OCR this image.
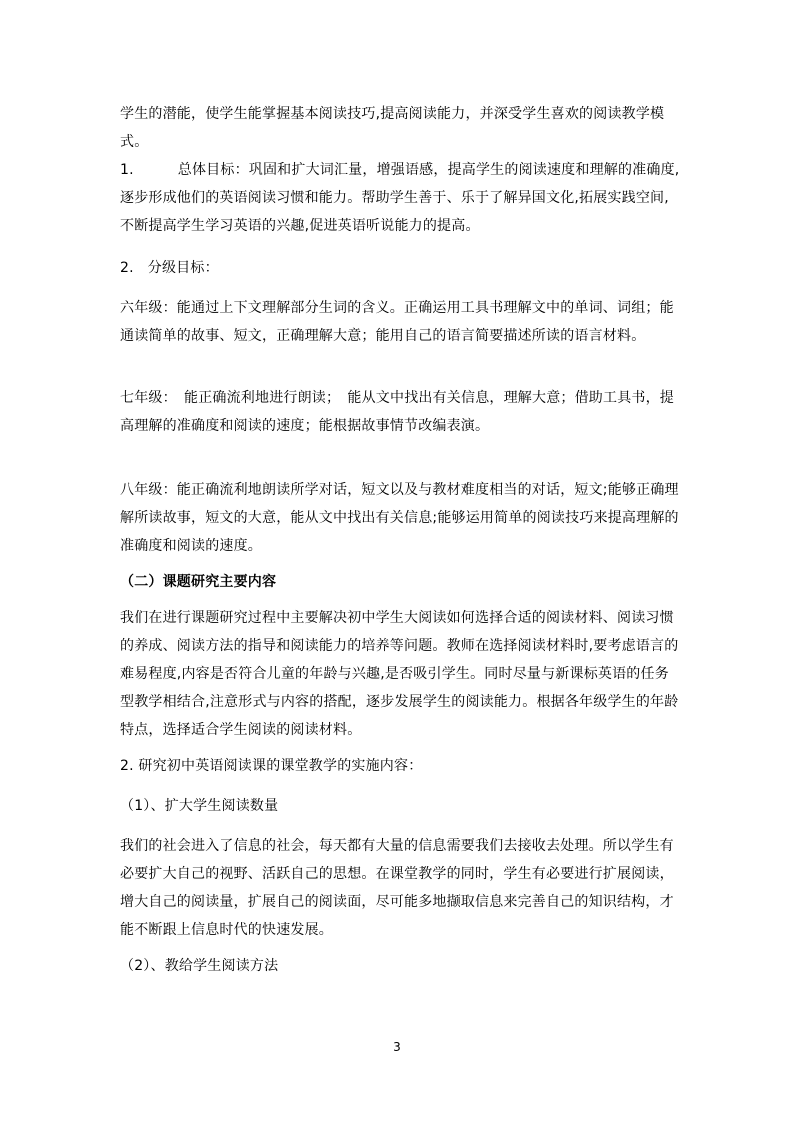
学生的潜能，使学生能掌握基本阅读技巧,提高阅读能力，并深受学生喜欢的阅读教学模式。

1.	总体目标：巩固和扩大词汇量，增强语感，提高学生的阅读速度和理解的准确度,逐步形成他们的英语阅读习惯和能力。帮助学生善于、乐于了解异国文化,拓展实践空间,不断提高学生学习英语的兴趣,促进英语听说能力的提高。

2. 分级目标：

六年级：能通过上下文理解部分生词的含义。正确运用工具书理解文中的单词、词组；能通读简单的故事、短文，正确理解大意；能用自己的语言简要描述所读的语言材料。

七年级：　能正确流利地进行朗读；　能从文中找出有关信息，理解大意；借助工具书，提高理解的准确度和阅读的速度；能根据故事情节改编表演。

八年级：能正确流利地朗读所学对话，短文以及与教材难度相当的对话，短文;能够正确理解所读故事，短文的大意，能从文中找出有关信息;能够运用简单的阅读技巧来提高理解的准确度和阅读的速度。

（二）课题研究主要内容

我们在进行课题研究过程中主要解决初中学生大阅读如何选择合适的阅读材料、阅读习惯的养成、阅读方法的指导和阅读能力的培养等问题。教师在选择阅读材料时,要考虑语言的难易程度,内容是否符合儿童的年龄与兴趣,是否吸引学生。同时尽量与新课标英语的任务型教学相结合,注意形式与内容的搭配，逐步发展学生的阅读能力。根据各年级学生的年龄特点，选择适合学生阅读的阅读材料。

2. 研究初中英语阅读课的课堂教学的实施内容：

（1）、扩大学生阅读数量

我们的社会进入了信息的社会，每天都有大量的信息需要我们去接收去处理。所以学生有必要扩大自己的视野、活跃自己的思想。在课堂教学的同时，学生有必要进行扩展阅读，增大自己的阅读量，扩展自己的阅读面，尽可能多地撷取信息来完善自己的知识结构，才能不断跟上信息时代的快速发展。

（2）、教给学生阅读方法

3
